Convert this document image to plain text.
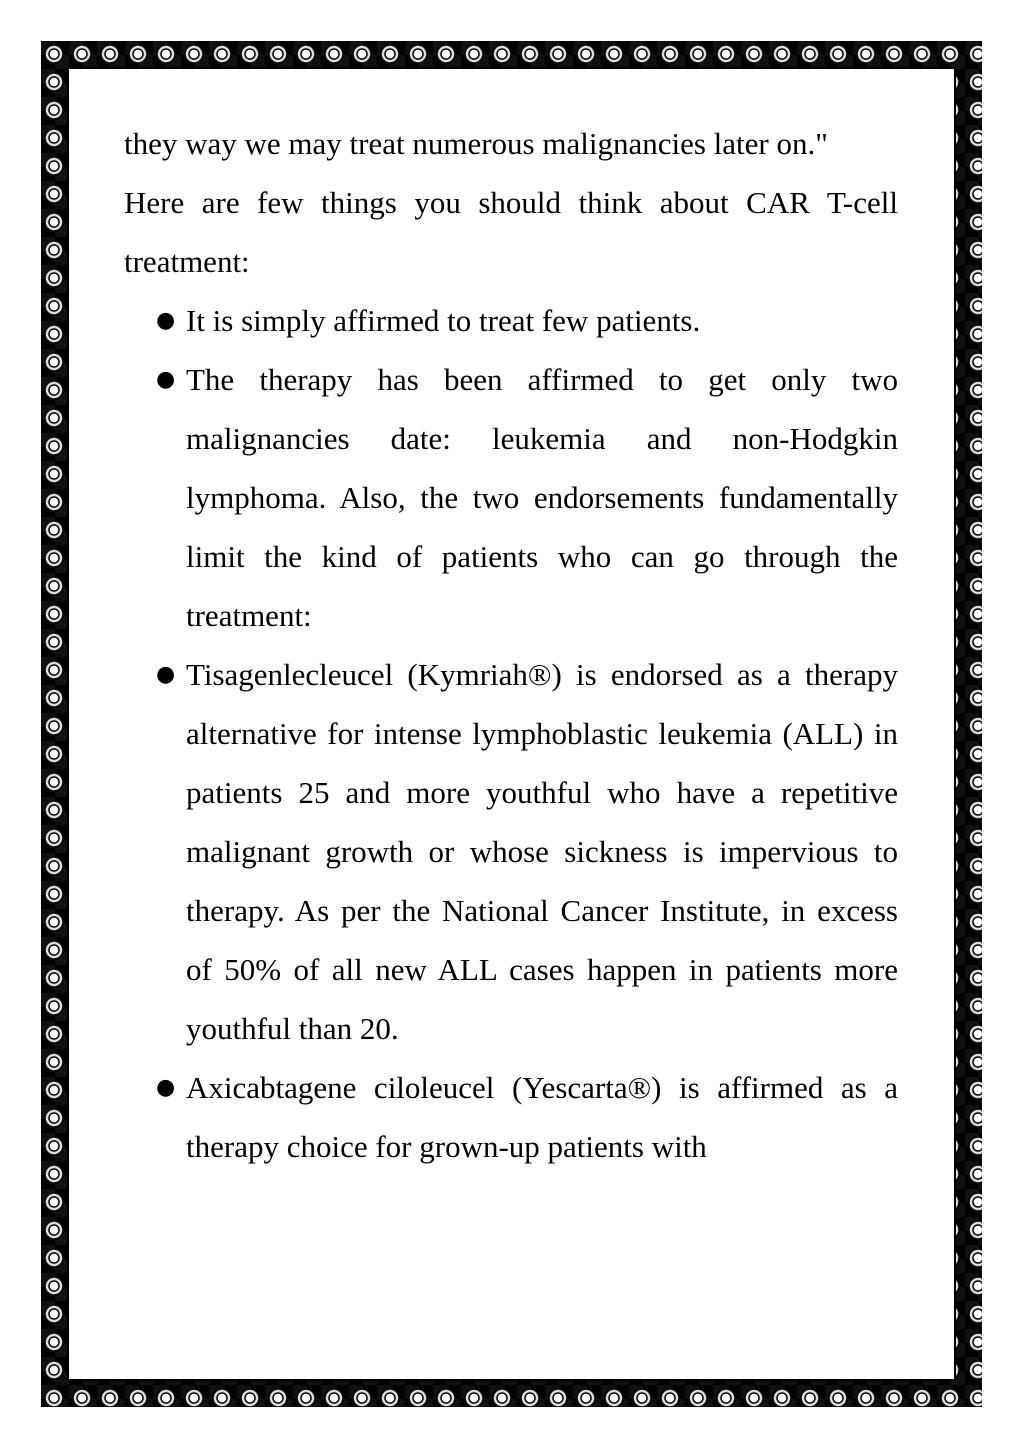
they way we may treat numerous malignancies later on."

Here are few things you should think about CAR T-cell treatment:

● It is simply affirmed to treat few patients.
● The therapy has been affirmed to get only two malignancies date: leukemia and non-Hodgkin lymphoma. Also, the two endorsements fundamentally limit the kind of patients who can go through the treatment:
● Tisagenlecleucel (Kymriah®) is endorsed as a therapy alternative for intense lymphoblastic leukemia (ALL) in patients 25 and more youthful who have a repetitive malignant growth or whose sickness is impervious to therapy. As per the National Cancer Institute, in excess of 50% of all new ALL cases happen in patients more youthful than 20.
● Axicabtagene ciloleucel (Yescarta®) is affirmed as a therapy choice for grown-up patients with
